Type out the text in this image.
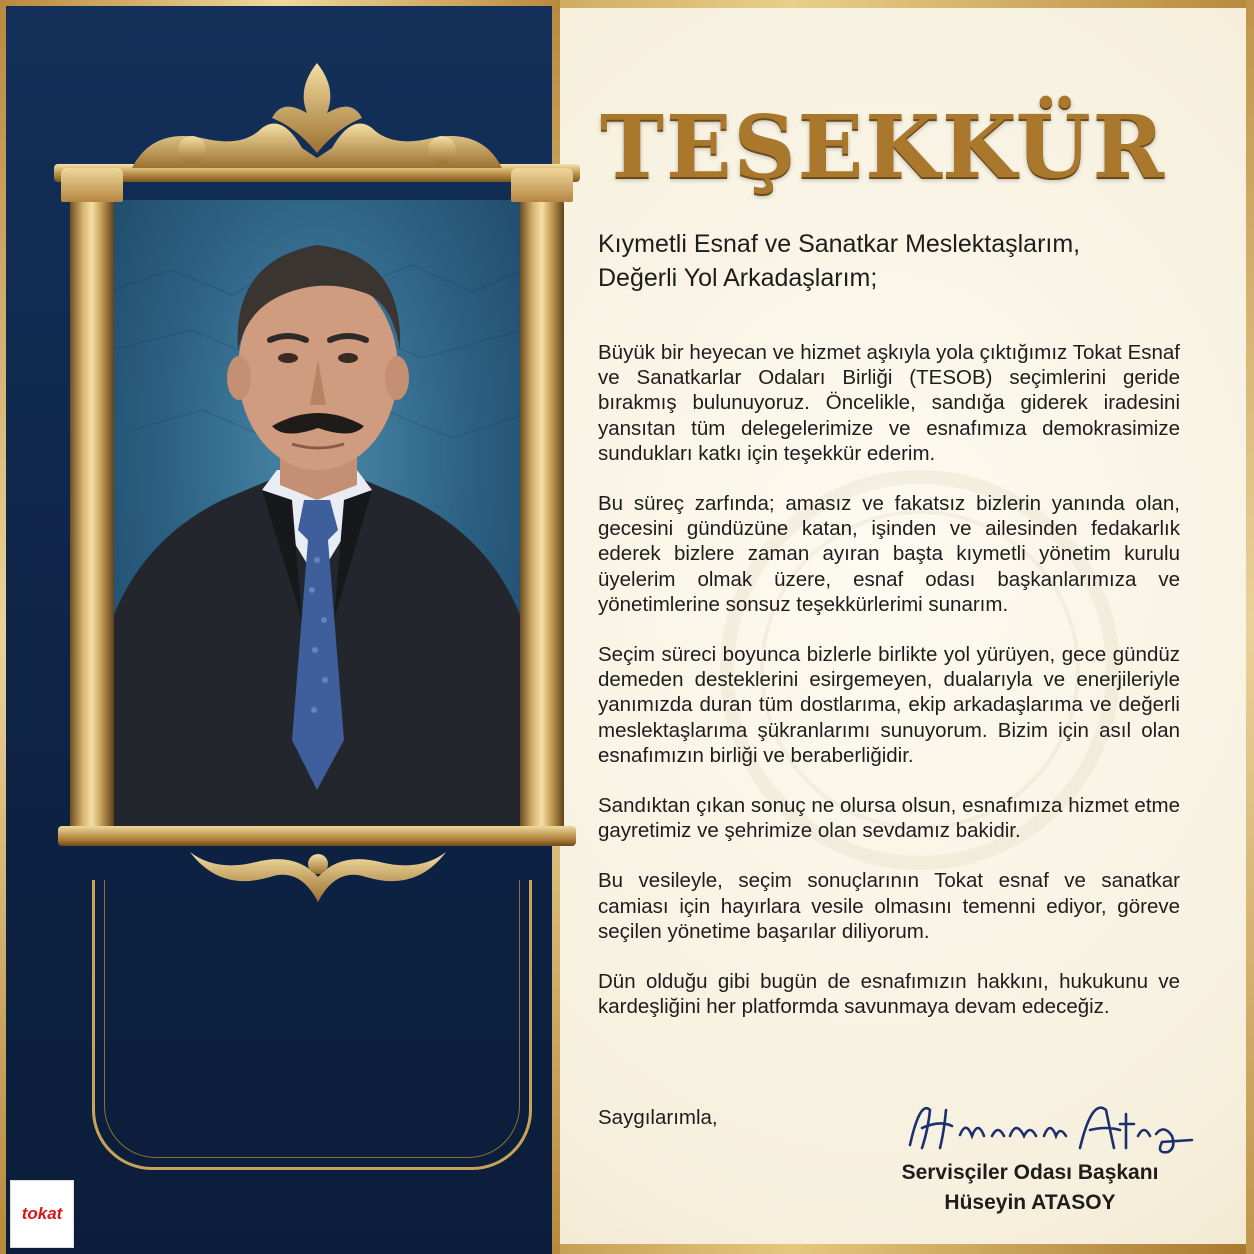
TEŞEKKÜR
Kıymetli Esnaf ve Sanatkar Meslektaşlarım,
Değerli Yol Arkadaşlarım;

Büyük bir heyecan ve hizmet aşkıyla yola çıktığımız Tokat Esnaf ve Sanatkarlar Odaları Birliği (TESOB) seçimlerini geride bırakmış bulunuyoruz. Öncelikle, sandığa giderek iradesini yansıtan tüm delegelerimize ve esnafımıza demokrasimize sundukları katkı için teşekkür ederim.

Bu süreç zarfında; amasız ve fakatsız bizlerin yanında olan, gecesini gündüzüne katan, işinden ve ailesinden fedakarlık ederek bizlere zaman ayıran başta kıymetli yönetim kurulu üyelerim olmak üzere, esnaf odası başkanlarımıza ve yönetimlerine sonsuz teşekkürlerimi sunarım.

Seçim süreci boyunca bizlerle birlikte yol yürüyen, gece gündüz demeden desteklerini esirgemeyen, dualarıyla ve enerjileriyle yanımızda duran tüm dostlarıma, ekip arkadaşlarıma ve değerli meslektaşlarıma şükranlarımı sunuyorum. Bizim için asıl olan esnafımızın birliği ve beraberliğidir.

Sandıktan çıkan sonuç ne olursa olsun, esnafımıza hizmet etme gayretimiz ve şehrimize olan sevdamız bakidir.

Bu vesileyle, seçim sonuçlarının Tokat esnaf ve sanatkar camiası için hayırlara vesile olmasını temenni ediyor, göreve seçilen yönetime başarılar diliyorum.

Dün olduğu gibi bugün de esnafımızın hakkını, hukukunu ve kardeşliğini her platformda savunmaya devam edeceğiz.

Saygılarımla,
Servisçiler Odası Başkanı
Hüseyin ATASOY
tokat
